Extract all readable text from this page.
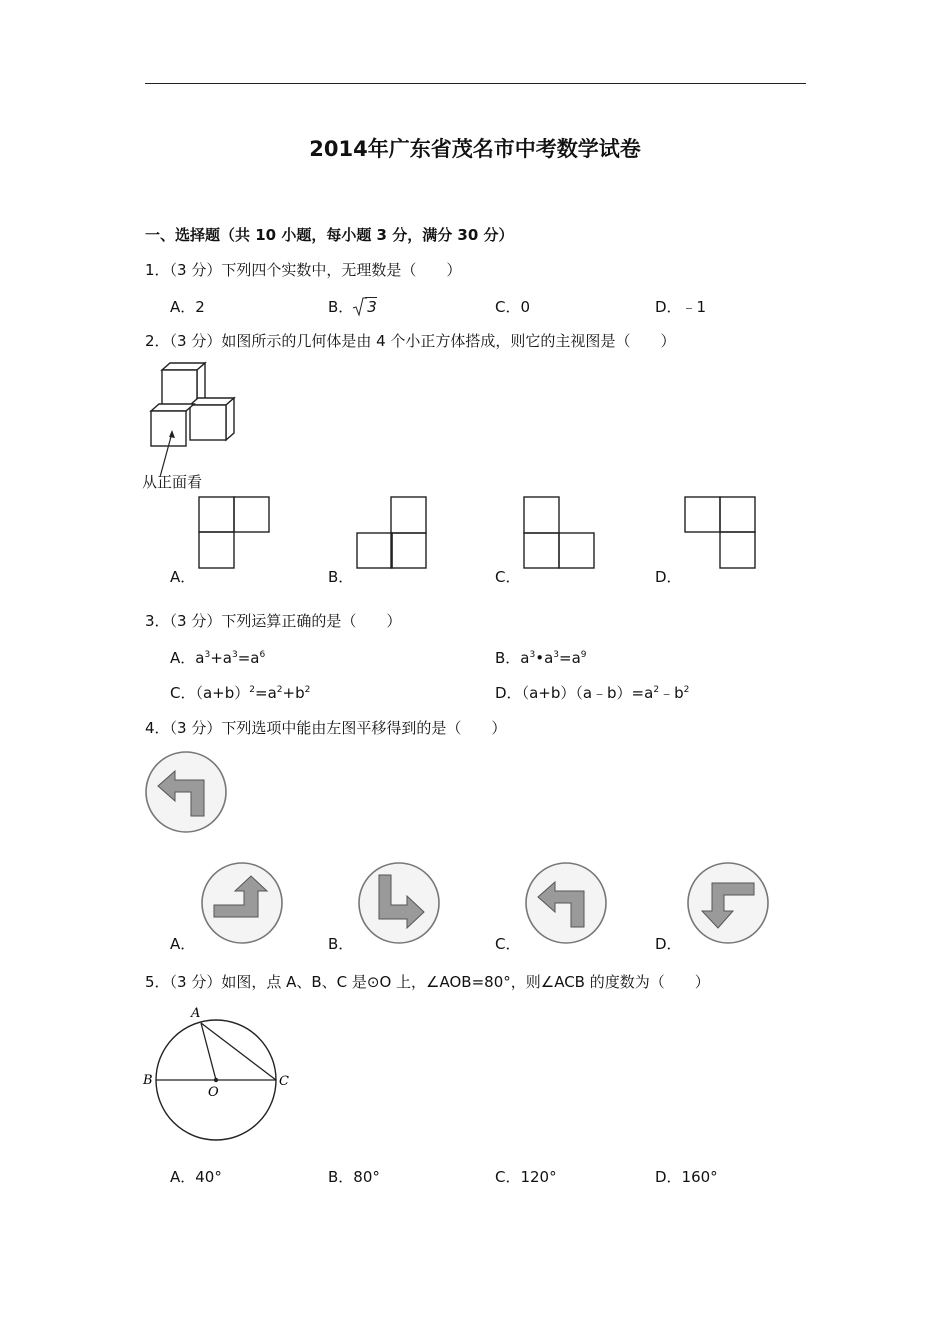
2014年广东省茂名市中考数学试卷
一、选择题（共 10 小题，每小题 3 分，满分 30 分）
1．（3 分）下列四个实数中，无理数是（　　）
A．2	B． 3	C．0	D．﹣1
2．（3 分）如图所示的几何体是由 4 个小正方体搭成，则它的主视图是（　　）
从正面看
A．	B．	C．	D．
3．（3 分）下列运算正确的是（　　）
A．$a^3+a^3=a^6$	B．$a^3•a^3=a^9$
C．$(a+b)^2=a^2+b^2$	D．$(a+b)(a﹣b)=a^2﹣b^2$
4．（3 分）下列选项中能由左图平移得到的是（　　）
A．	B．	C．	D．
5．（3 分）如图，点 A、B、C 是⊙O 上，∠AOB=80°，则∠ACB 的度数为（　　）
A
B	C
O
A．40°	B．80°	C．120°	D．160°
